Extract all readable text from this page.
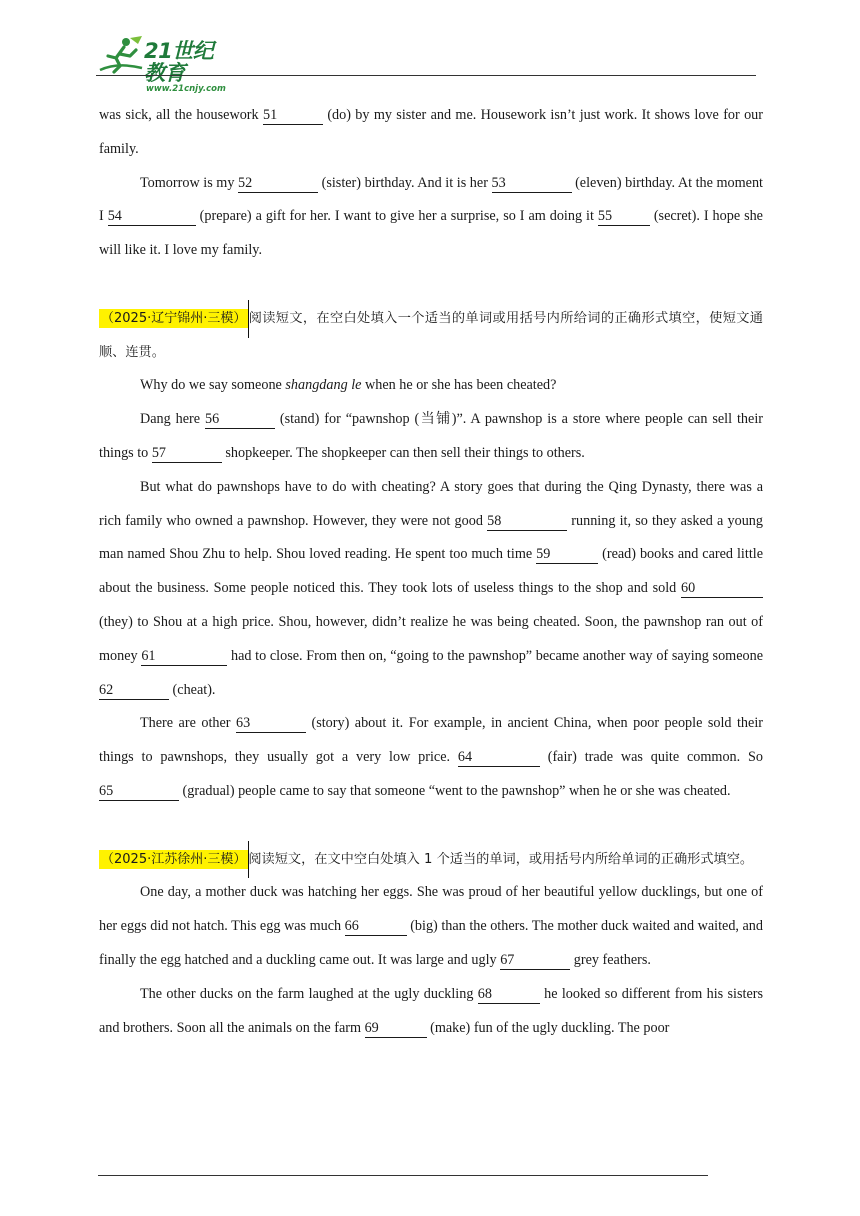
21世纪教育
www.21cnjy.com

was sick, all the housework 51	(do) by my sister and me. Housework isn’t just work. It shows love for our family.

Tomorrow is my 52	(sister) birthday. And it is her 53	(eleven) birthday. At the moment I 54	(prepare) a gift for her. I want to give her a surprise, so I am doing it 55	(secret). I hope she will like it. I love my family.

（2025·辽宁锦州·三模） 阅读短文，在空白处填入一个适当的单词或用括号内所给词的正确形式填空，使短文通顺、连贯。

Why do we say someone shangdang le when he or she has been cheated?

Dang here 56	(stand) for “pawnshop (当铺)”. A pawnshop is a store where people can sell their things to 57	shopkeeper. The shopkeeper can then sell their things to others.

But what do pawnshops have to do with cheating? A story goes that during the Qing Dynasty, there was a rich family who owned a pawnshop. However, they were not good 58	running it, so they asked a young man named Shou Zhu to help. Shou loved reading. He spent too much time 59	(read) books and cared little about the business. Some people noticed this. They took lots of useless things to the shop and sold 60 (they) to Shou at a high price. Shou, however, didn’t realize he was being cheated. Soon, the pawnshop ran out of money 61	had to close. From then on, “going to the pawnshop” became another way of saying someone 62	(cheat).

There are other 63	(story) about it. For example, in ancient China, when poor people sold their things to pawnshops, they usually got a very low price. 64	(fair) trade was quite common. So 65	(gradual) people came to say that someone “went to the pawnshop” when he or she was cheated.

（2025·江苏徐州·三模） 阅读短文，在文中空白处填入 1 个适当的单词，或用括号内所给单词的正确形式填空。

One day, a mother duck was hatching her eggs. She was proud of her beautiful yellow ducklings, but one of her eggs did not hatch. This egg was much 66	(big) than the others. The mother duck waited and waited, and finally the egg hatched and a duckling came out. It was large and ugly 67	grey feathers.

The other ducks on the farm laughed at the ugly duckling 68	he looked so different from his sisters and brothers. Soon all the animals on the farm 69	(make) fun of the ugly duckling. The poor
